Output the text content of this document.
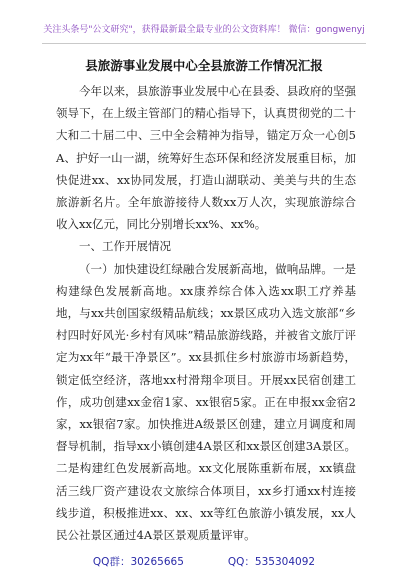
关注头条号"公文研究"，获得最新最全最专业的公文资料库！ 微信：gongwenyj
县旅游事业发展中心全县旅游工作情况汇报

今年以来，县旅游事业发展中心在县委、县政府的坚强领导下，在上级主管部门的精心指导下，认真贯彻党的二十大和二十届二中、三中全会精神为指导，锚定万众一心创5A、护好一山一湖，统筹好生态环保和经济发展重目标，加快促进xx、xx协同发展，打造山湖联动、美美与共的生态旅游新名片。全年旅游接待人数xx万人次，实现旅游综合收入xx亿元，同比分别增长xx%、xx%。

一、工作开展情况

（一）加快建设红绿融合发展新高地，做响品牌。一是构建绿色发展新高地。xx康养综合体入选xx职工疗养基地，与xx共创国家级精品航线；xx景区成功入选文旅部“乡村四时好风光·乡村有风味”精品旅游线路，并被省文旅厅评定为xx年“最干净景区”。xx县抓住乡村旅游市场新趋势，锁定低空经济，落地xx村滑翔伞项目。开展xx民宿创建工作，成功创建xx金宿1家、xx银宿5家。正在申报xx金宿2家，xx银宿7家。加快推进A级景区创建，建立月调度和周督导机制，指导xx小镇创建4A景区和xx景区创建3A景区。二是构建红色发展新高地。xx文化展陈重新布展，xx镇盘活三线厂资产建设农文旅综合体项目，xx乡打通xx村连接线步道，积极推进xx、xx、xx等红色旅游小镇发展，xx人民公社景区通过4A景区景观质量评审。

QQ群：30265665	QQ：535304092
